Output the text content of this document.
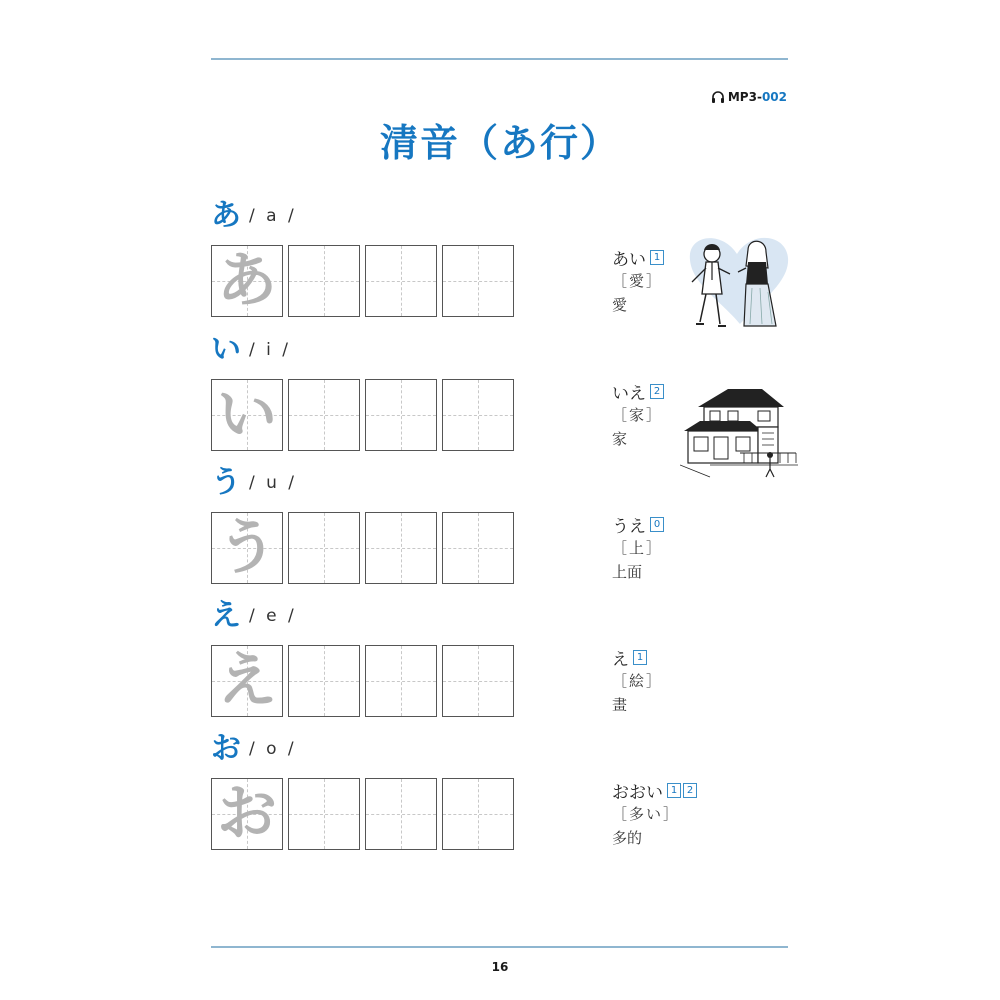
MP3- 002
清音（あ行）
あ / a /
あ	あい 1
［愛］
愛
い / i /
い	いえ 2
［家］
家
う / u /
う	うえ 0
［上］
上面
え / e /
え	え 1
［絵］
畫
お / o /
お	おおい 1 2
［多い］
多的
16
